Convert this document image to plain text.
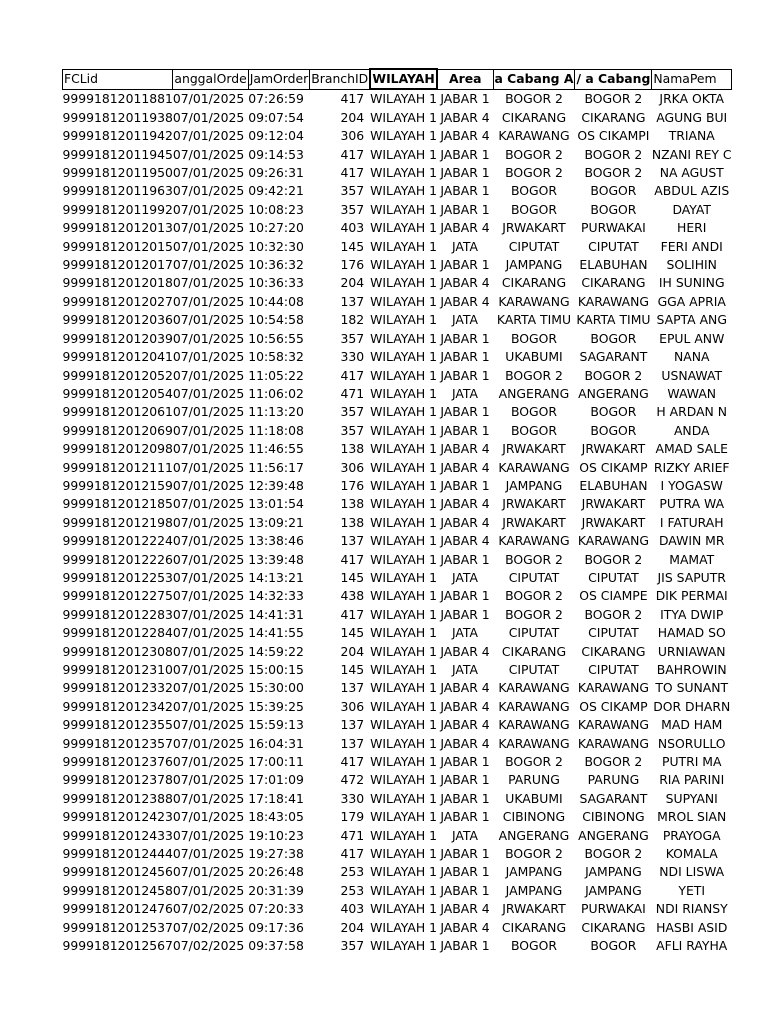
FCLid	anggalOrde	JamOrder	BranchID	WILAYAH	Area	a Cabang A	a Cabang /	NamaPem
99991812011881	07/01/2025	07:26:59	417	WILAYAH 1	JABAR 1	BOGOR 2	BOGOR 2	JRKA OKTA
99991812011938	07/01/2025	09:07:54	204	WILAYAH 1	JABAR 4	CIKARANG	CIKARANG	AGUNG BUI
99991812011942	07/01/2025	09:12:04	306	WILAYAH 1	JABAR 4	KARAWANG	OS CIKAMPI	TRIANA
99991812011945	07/01/2025	09:14:53	417	WILAYAH 1	JABAR 1	BOGOR 2	BOGOR 2	NZANI REY C
99991812011950	07/01/2025	09:26:31	417	WILAYAH 1	JABAR 1	BOGOR 2	BOGOR 2	NA AGUST
99991812011963	07/01/2025	09:42:21	357	WILAYAH 1	JABAR 1	BOGOR	BOGOR	ABDUL AZIS
99991812011992	07/01/2025	10:08:23	357	WILAYAH 1	JABAR 1	BOGOR	BOGOR	DAYAT
99991812012013	07/01/2025	10:27:20	403	WILAYAH 1	JABAR 4	JRWAKART	PURWAKAI	HERI
99991812012015	07/01/2025	10:32:30	145	WILAYAH 1	JATA	CIPUTAT	CIPUTAT	FERI ANDI
99991812012017	07/01/2025	10:36:32	176	WILAYAH 1	JABAR 1	JAMPANG	ELABUHAN	SOLIHIN
99991812012018	07/01/2025	10:36:33	204	WILAYAH 1	JABAR 4	CIKARANG	CIKARANG	IH SUNING
99991812012027	07/01/2025	10:44:08	137	WILAYAH 1	JABAR 4	KARAWANG	KARAWANG	GGA APRIA
99991812012036	07/01/2025	10:54:58	182	WILAYAH 1	JATA	KARTA TIMU	KARTA TIMU	SAPTA ANG
99991812012039	07/01/2025	10:56:55	357	WILAYAH 1	JABAR 1	BOGOR	BOGOR	EPUL ANW
99991812012041	07/01/2025	10:58:32	330	WILAYAH 1	JABAR 1	UKABUMI	SAGARANT	NANA
99991812012052	07/01/2025	11:05:22	417	WILAYAH 1	JABAR 1	BOGOR 2	BOGOR 2	USNAWAT
99991812012054	07/01/2025	11:06:02	471	WILAYAH 1	JATA	ANGERANG	ANGERANG	WAWAN
99991812012061	07/01/2025	11:13:20	357	WILAYAH 1	JABAR 1	BOGOR	BOGOR	H ARDAN N
99991812012069	07/01/2025	11:18:08	357	WILAYAH 1	JABAR 1	BOGOR	BOGOR	ANDA
99991812012098	07/01/2025	11:46:55	138	WILAYAH 1	JABAR 4	JRWAKART	JRWAKART	AMAD SALE
99991812012111	07/01/2025	11:56:17	306	WILAYAH 1	JABAR 4	KARAWANG	OS CIKAMP	RIZKY ARIEF
99991812012159	07/01/2025	12:39:48	176	WILAYAH 1	JABAR 1	JAMPANG	ELABUHAN	I YOGASW
99991812012185	07/01/2025	13:01:54	138	WILAYAH 1	JABAR 4	JRWAKART	JRWAKART	PUTRA WA
99991812012198	07/01/2025	13:09:21	138	WILAYAH 1	JABAR 4	JRWAKART	JRWAKART	I FATURAH
99991812012224	07/01/2025	13:38:46	137	WILAYAH 1	JABAR 4	KARAWANG	KARAWANG	DAWIN MR
99991812012226	07/01/2025	13:39:48	417	WILAYAH 1	JABAR 1	BOGOR 2	BOGOR 2	MAMAT
99991812012253	07/01/2025	14:13:21	145	WILAYAH 1	JATA	CIPUTAT	CIPUTAT	JIS SAPUTR
99991812012275	07/01/2025	14:32:33	438	WILAYAH 1	JABAR 1	BOGOR 2	OS CIAMPE	DIK PERMAI
99991812012283	07/01/2025	14:41:31	417	WILAYAH 1	JABAR 1	BOGOR 2	BOGOR 2	ITYA DWIP
99991812012284	07/01/2025	14:41:55	145	WILAYAH 1	JATA	CIPUTAT	CIPUTAT	HAMAD SO
99991812012308	07/01/2025	14:59:22	204	WILAYAH 1	JABAR 4	CIKARANG	CIKARANG	URNIAWAN
99991812012310	07/01/2025	15:00:15	145	WILAYAH 1	JATA	CIPUTAT	CIPUTAT	BAHROWIN
99991812012332	07/01/2025	15:30:00	137	WILAYAH 1	JABAR 4	KARAWANG	KARAWANG	TO SUNANT
99991812012342	07/01/2025	15:39:25	306	WILAYAH 1	JABAR 4	KARAWANG	OS CIKAMP	DOR DHARN
99991812012355	07/01/2025	15:59:13	137	WILAYAH 1	JABAR 4	KARAWANG	KARAWANG	MAD HAM
99991812012357	07/01/2025	16:04:31	137	WILAYAH 1	JABAR 4	KARAWANG	KARAWANG	NSORULLO
99991812012376	07/01/2025	17:00:11	417	WILAYAH 1	JABAR 1	BOGOR 2	BOGOR 2	PUTRI MA
99991812012378	07/01/2025	17:01:09	472	WILAYAH 1	JABAR 1	PARUNG	PARUNG	RIA PARINI
99991812012388	07/01/2025	17:18:41	330	WILAYAH 1	JABAR 1	UKABUMI	SAGARANT	SUPYANI
99991812012423	07/01/2025	18:43:05	179	WILAYAH 1	JABAR 1	CIBINONG	CIBINONG	MROL SIAN
99991812012433	07/01/2025	19:10:23	471	WILAYAH 1	JATA	ANGERANG	ANGERANG	PRAYOGA
99991812012444	07/01/2025	19:27:38	417	WILAYAH 1	JABAR 1	BOGOR 2	BOGOR 2	KOMALA
99991812012456	07/01/2025	20:26:48	253	WILAYAH 1	JABAR 1	JAMPANG	JAMPANG	NDI LISWA
99991812012458	07/01/2025	20:31:39	253	WILAYAH 1	JABAR 1	JAMPANG	JAMPANG	YETI
99991812012476	07/02/2025	07:20:33	403	WILAYAH 1	JABAR 4	JRWAKART	PURWAKAI	NDI RIANSY
99991812012537	07/02/2025	09:17:36	204	WILAYAH 1	JABAR 4	CIKARANG	CIKARANG	HASBI ASID
99991812012567	07/02/2025	09:37:58	357	WILAYAH 1	JABAR 1	BOGOR	BOGOR	AFLI RAYHA
